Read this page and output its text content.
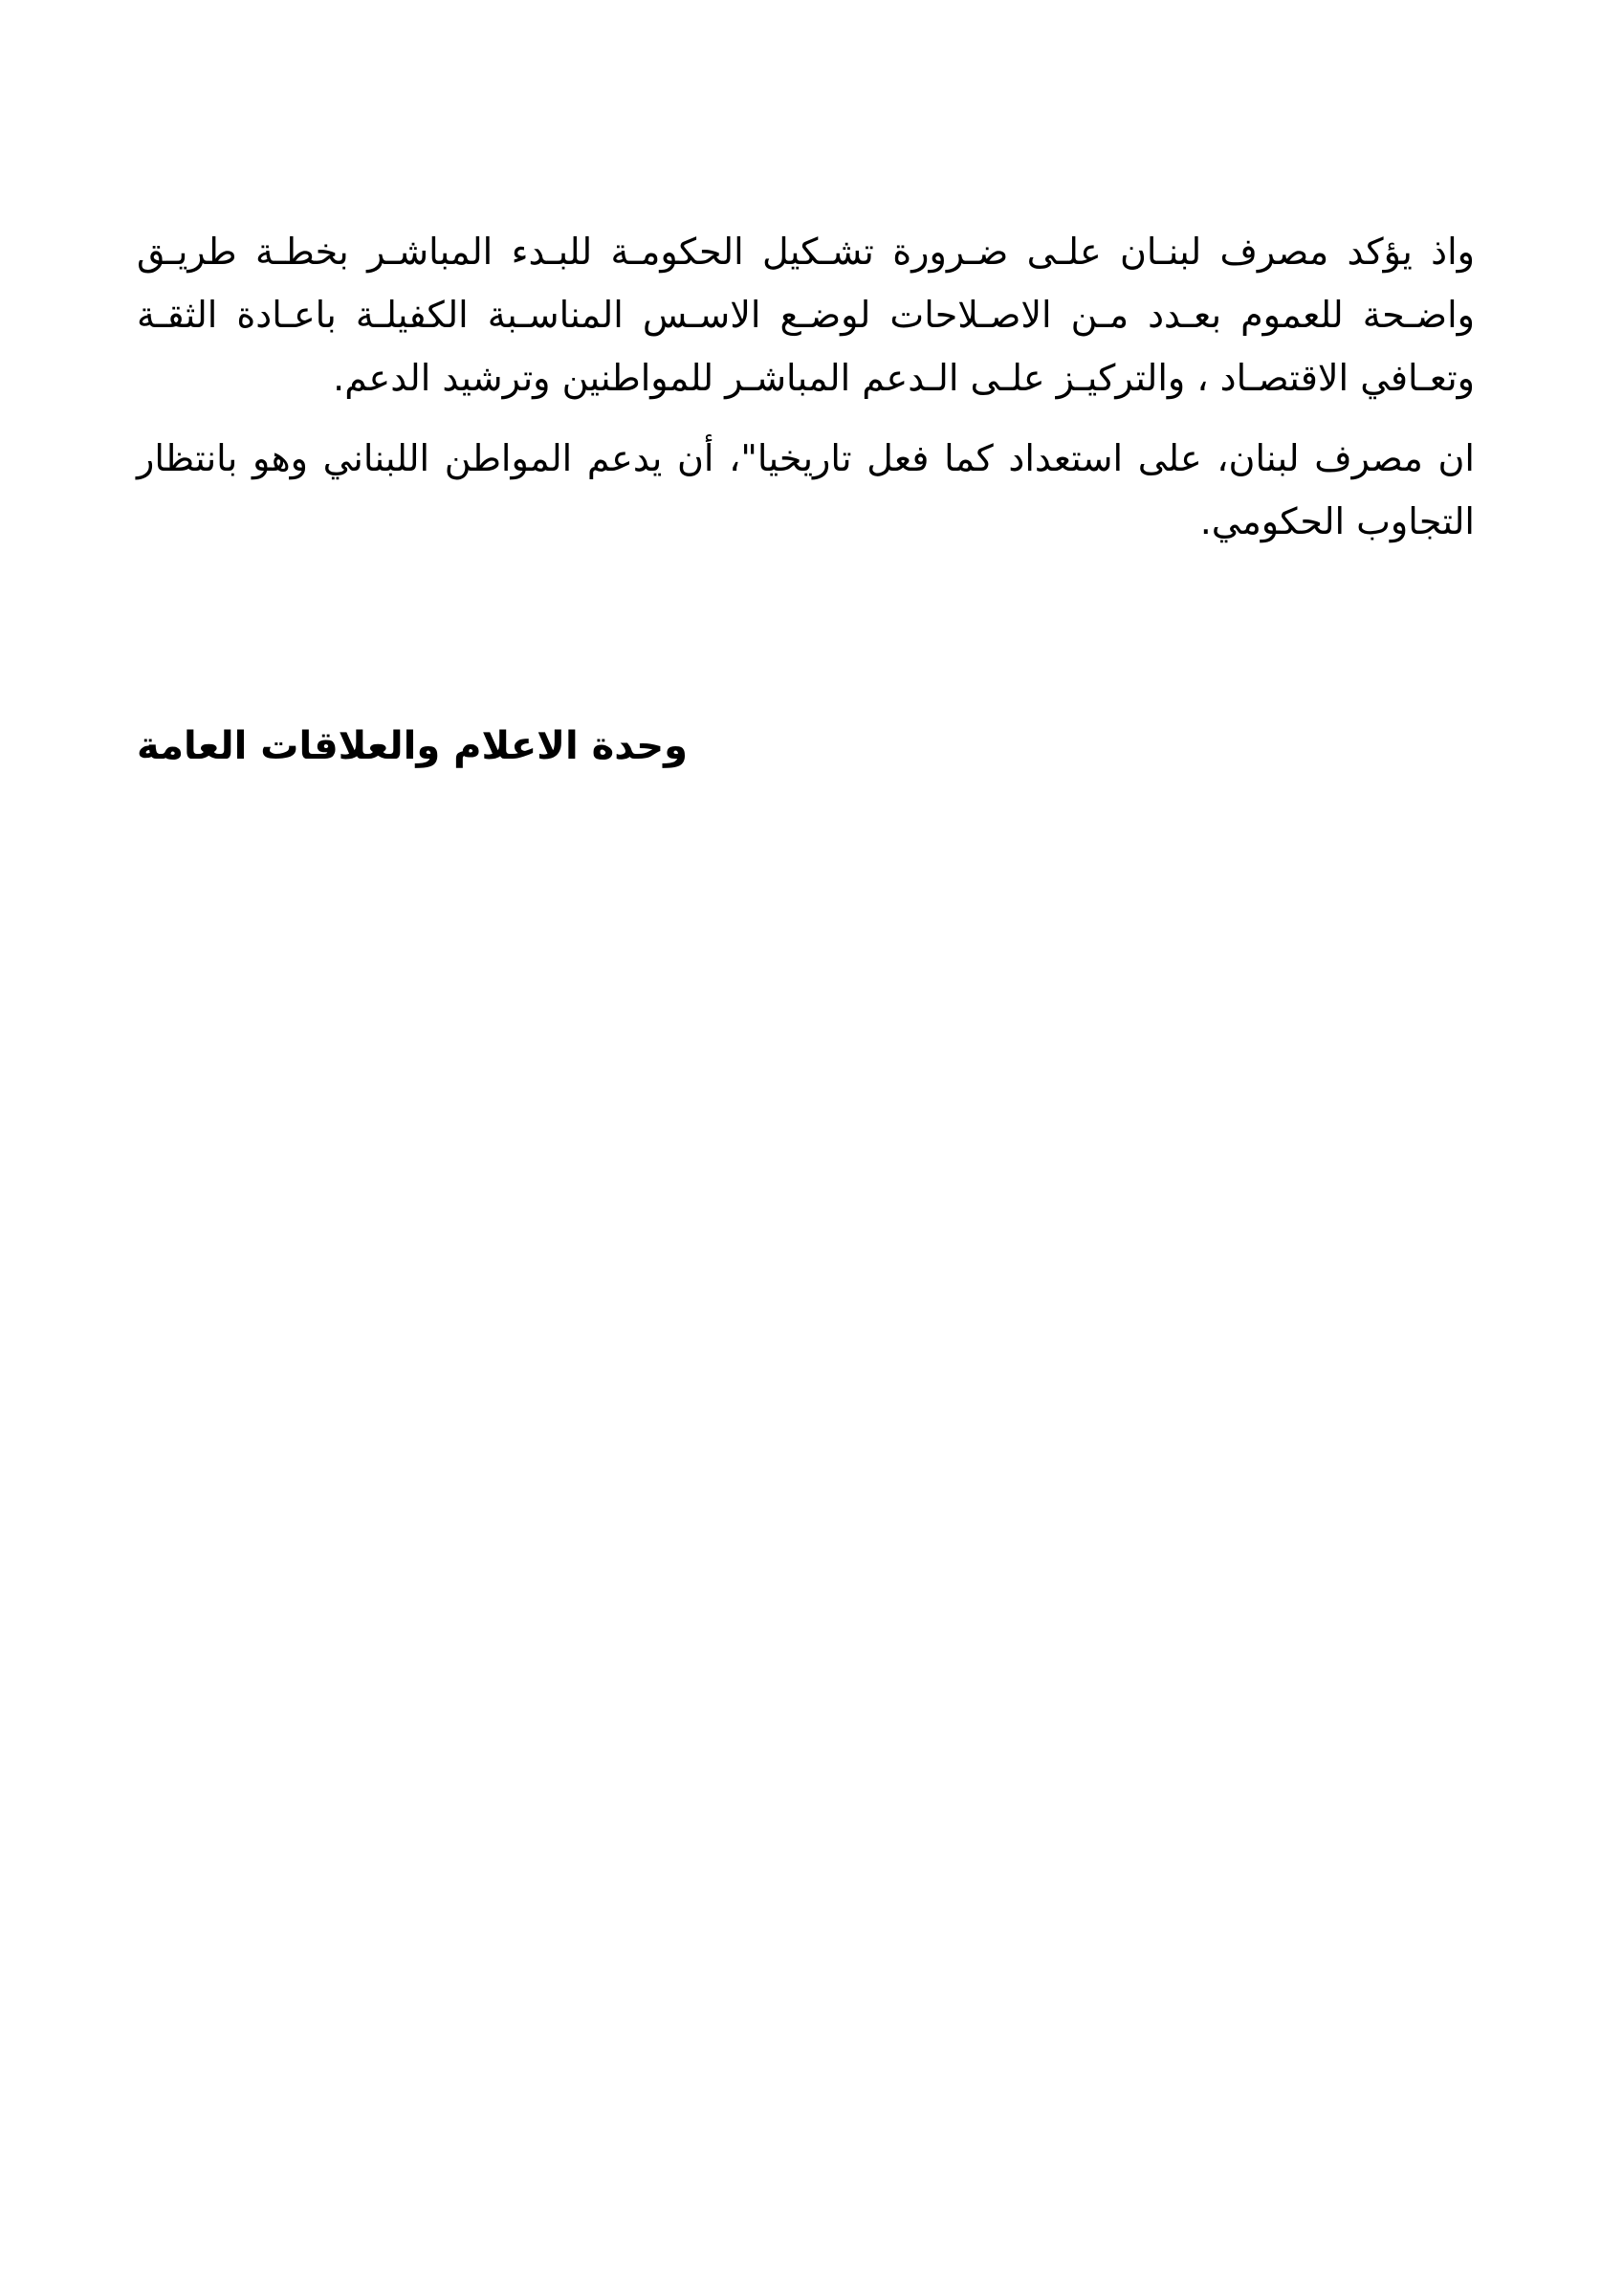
واذ يؤكد مصرف لبنـان علـى ضـرورة تشـكيل الحكومـة للبـدء المباشـر بخطـة طريـق واضـحة للعموم بعـدد مـن الاصـلاحات لوضـع الاسـس المناسـبة الكفيلـة باعـادة الثقـة وتعـافي الاقتصـاد ، والتركيـز علـى الـدعم المباشـر للمواطنين وترشيد الدعم.

ان مصرف لبنان، على استعداد كما فعل تاريخيا"، أن يدعم المواطن اللبناني وهو بانتظار التجاوب الحكومي.

وحدة الاعلام والعلاقات العامة
